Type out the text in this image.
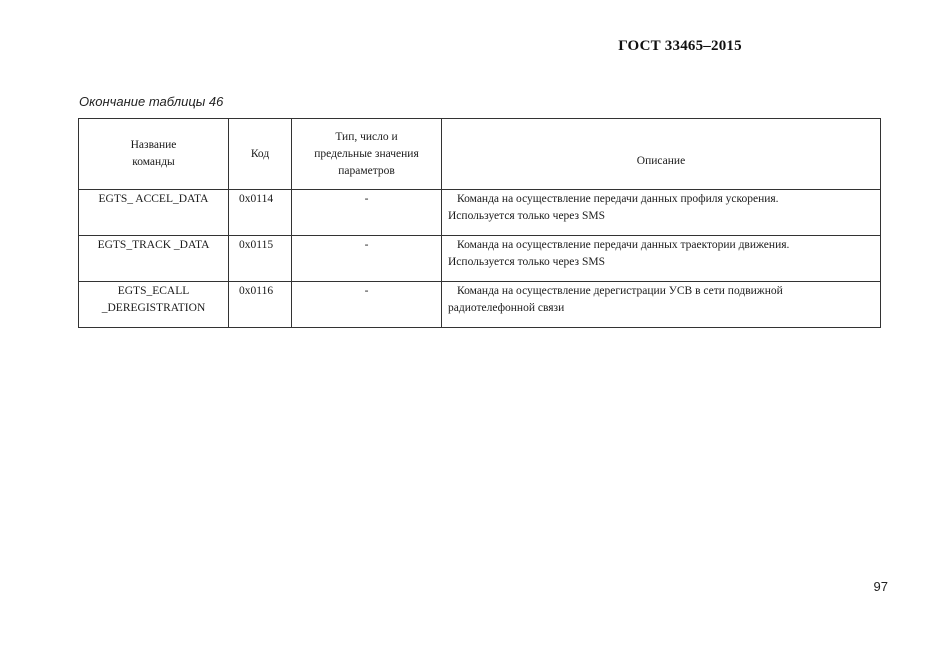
ГОСТ 33465–2015
Окончание таблицы 46
Название
команды	Код	Тип, число и
предельные значения
параметров	Описание
EGTS_ ACCEL_DATA	0x0114	-	Команда на осуществление передачи данных профиля ускорения.
Используется только через SMS

EGTS_TRACK _DATA	0x0115	-	Команда на осуществление передачи данных траектории движения.
Используется только через SMS

EGTS_ECALL
_DEREGISTRATION	0x0116	-	Команда на осуществление дерегистрации УСВ в сети подвижной
радиотелефонной связи
97
